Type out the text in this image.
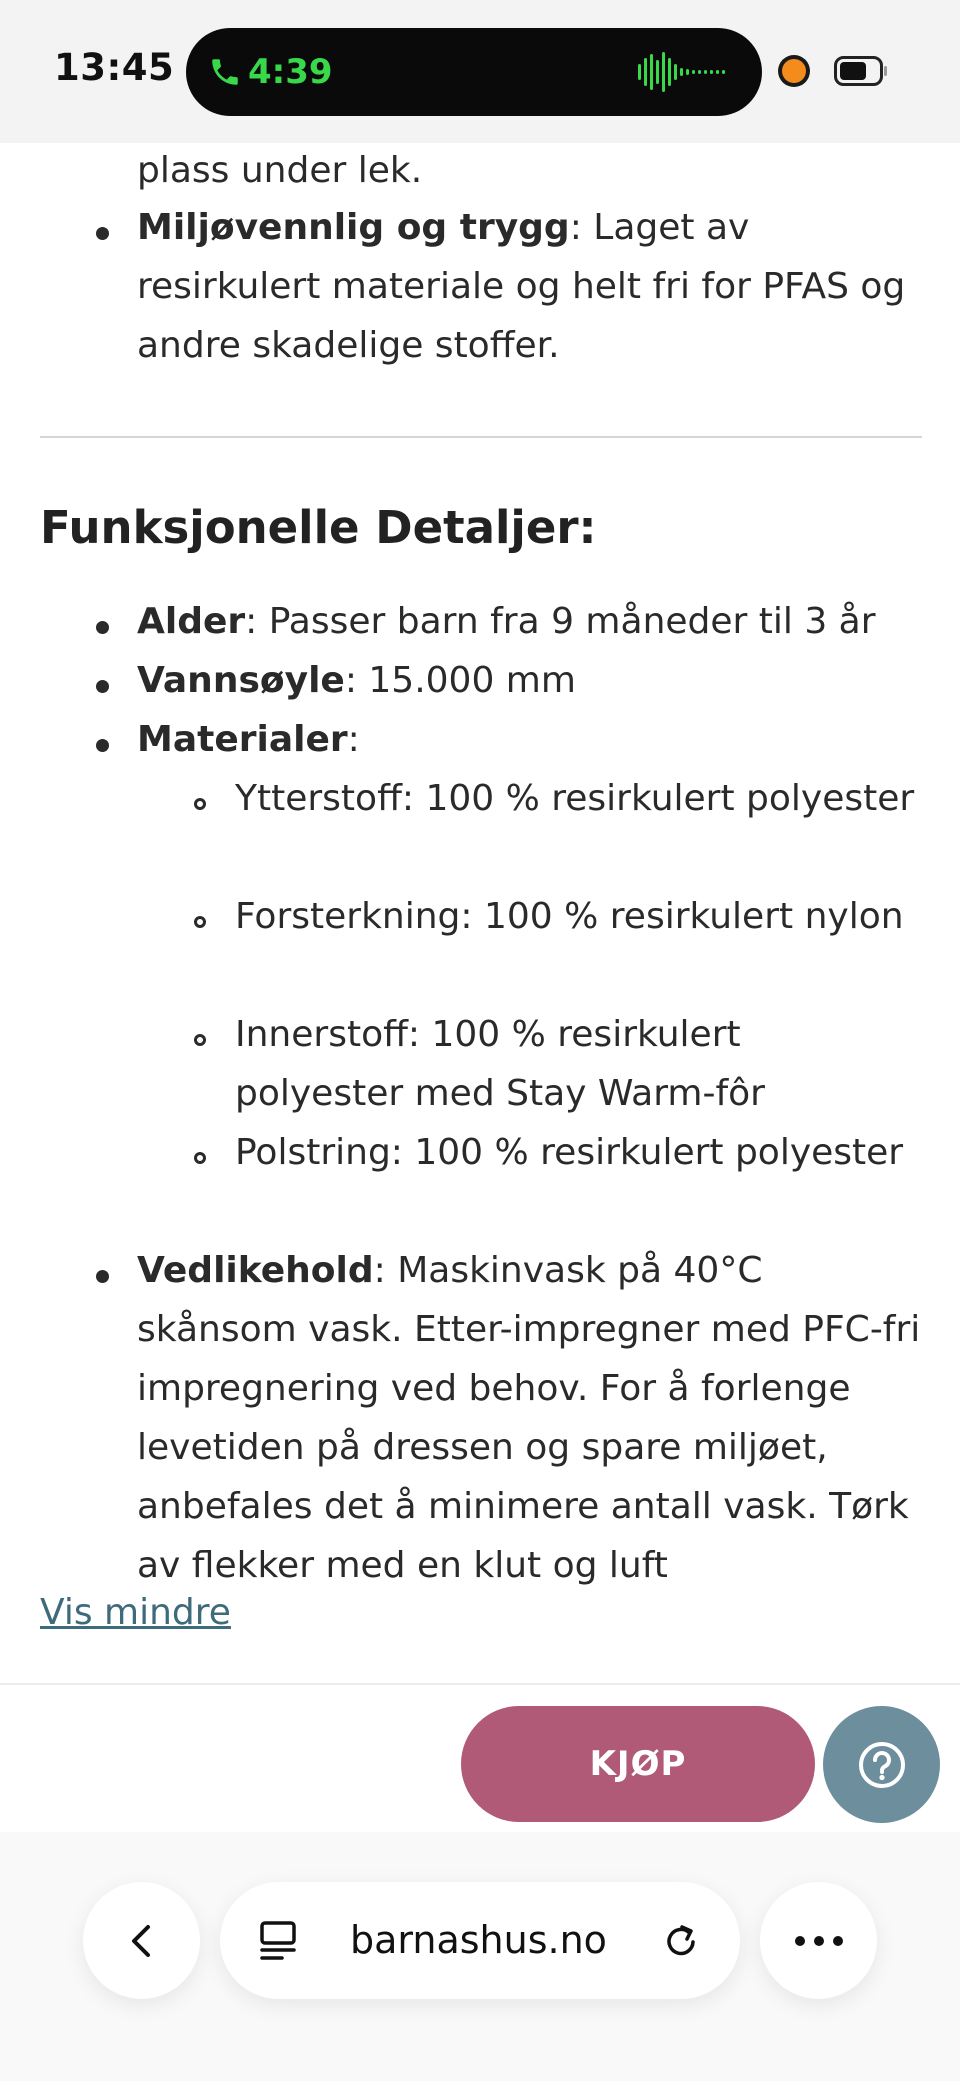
13:45 4:39

plass under lek.

Miljøvennlig og trygg: Laget av resirkulert materiale og helt fri for PFAS og andre skadelige stoffer.

Funksjonelle Detaljer:

Alder: Passer barn fra 9 måneder til 3 år

Vannsøyle: 15.000 mm

Materialer:

Ytterstoff: 100 % resirkulert polyester

Forsterkning: 100 % resirkulert nylon

Innerstoff: 100 % resirkulert polyester med Stay Warm-fôr

Polstring: 100 % resirkulert polyester

Vedlikehold: Maskinvask på 40°C skånsom vask. Etter-impregner med PFC-fri impregnering ved behov. For å forlenge levetiden på dressen og spare miljøet, anbefales det å minimere antall vask. Tørk av flekker med en klut og luft

Vis mindre
KJØP
barnashus.no
